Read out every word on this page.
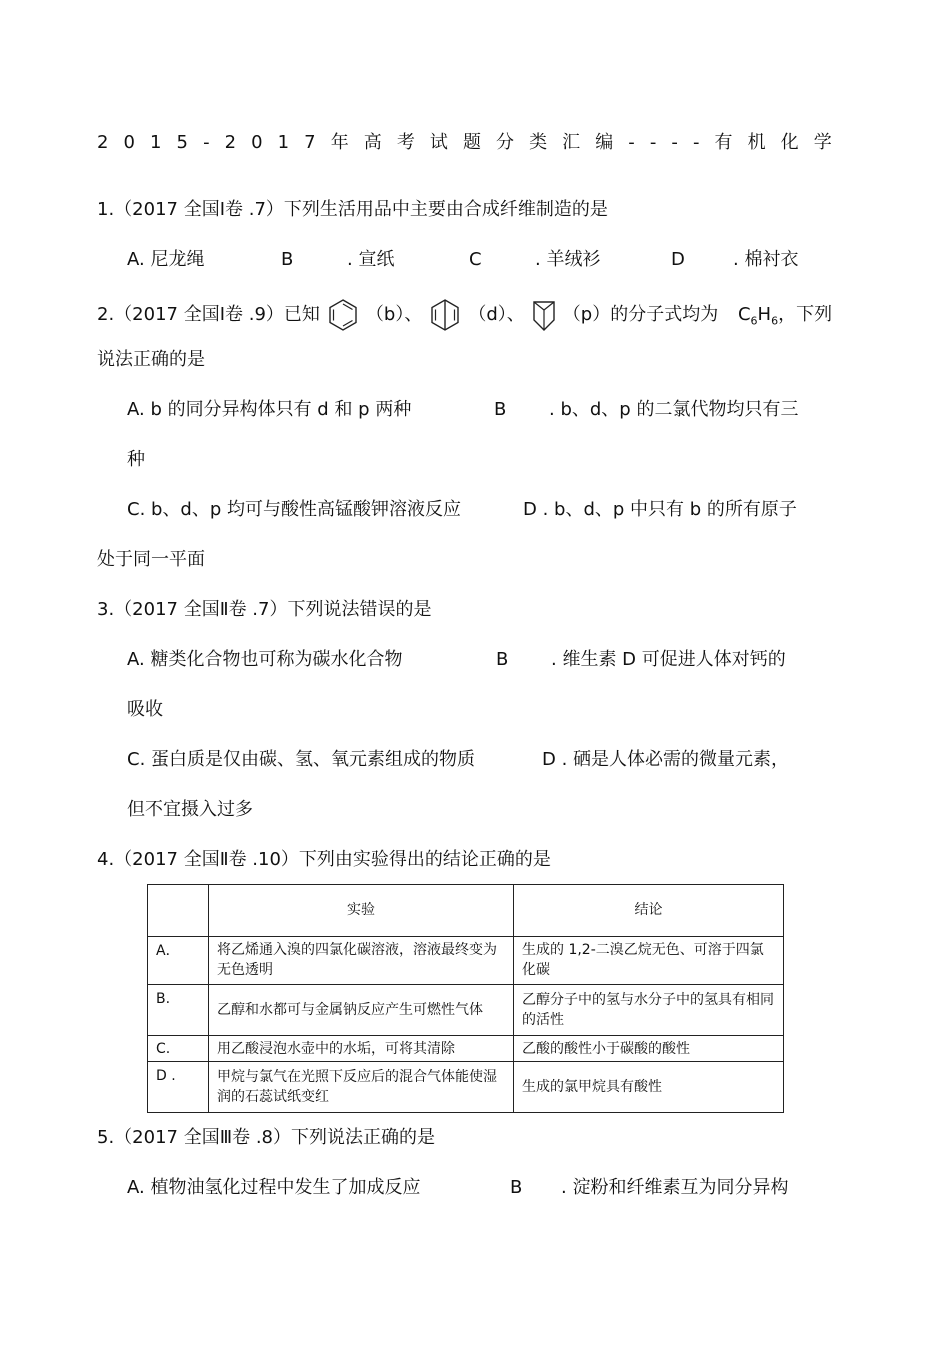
2 0 1 5 - 2 0 1 7 年 高 考 试 题 分 类 汇 编 - - - - 有 机 化 学
1.（2017 全国Ⅰ卷 .7）下列生活用品中主要由合成纤维制造的是
A. 尼龙绳	B	. 宣纸	C	. 羊绒衫	D	. 棉衬衣
2.（2017 全国Ⅰ卷 .9）已知	（b）、	（d）、 （p）的分子式均为 $C_6H_6$，下列
说法正确的是
A. b 的同分异构体只有 d 和 p 两种	B . b、d、p 的二氯代物均只有三
种
C. b、d、p 均可与酸性高锰酸钾溶液反应	D . b、d、p 中只有 b 的所有原子
处于同一平面
3.（2017 全国Ⅱ卷 .7）下列说法错误的是
A. 糖类化合物也可称为碳水化合物	B . 维生素 D 可促进人体对钙的
吸收
C. 蛋白质是仅由碳、氢、氧元素组成的物质	D . 硒是人体必需的微量元素，
但不宜摄入过多
4.（2017 全国Ⅱ卷 .10）下列由实验得出的结论正确的是
	实验	结论
A．	将乙烯通入溴的四氯化碳溶液，溶液最终变为无色透明	生成的 1,2-二溴乙烷无色、可溶于四氯化碳
B.	乙醇和水都可与金属钠反应产生可燃性气体	乙醇分子中的氢与水分子中的氢具有相同的活性
C.	用乙酸浸泡水壶中的水垢，可将其清除	乙酸的酸性小于碳酸的酸性
D .	甲烷与氯气在光照下反应后的混合气体能使湿润的石蕊试纸变红	生成的氯甲烷具有酸性
5.（2017 全国Ⅲ卷 .8）下列说法正确的是
A. 植物油氢化过程中发生了加成反应	B . 淀粉和纤维素互为同分异构
